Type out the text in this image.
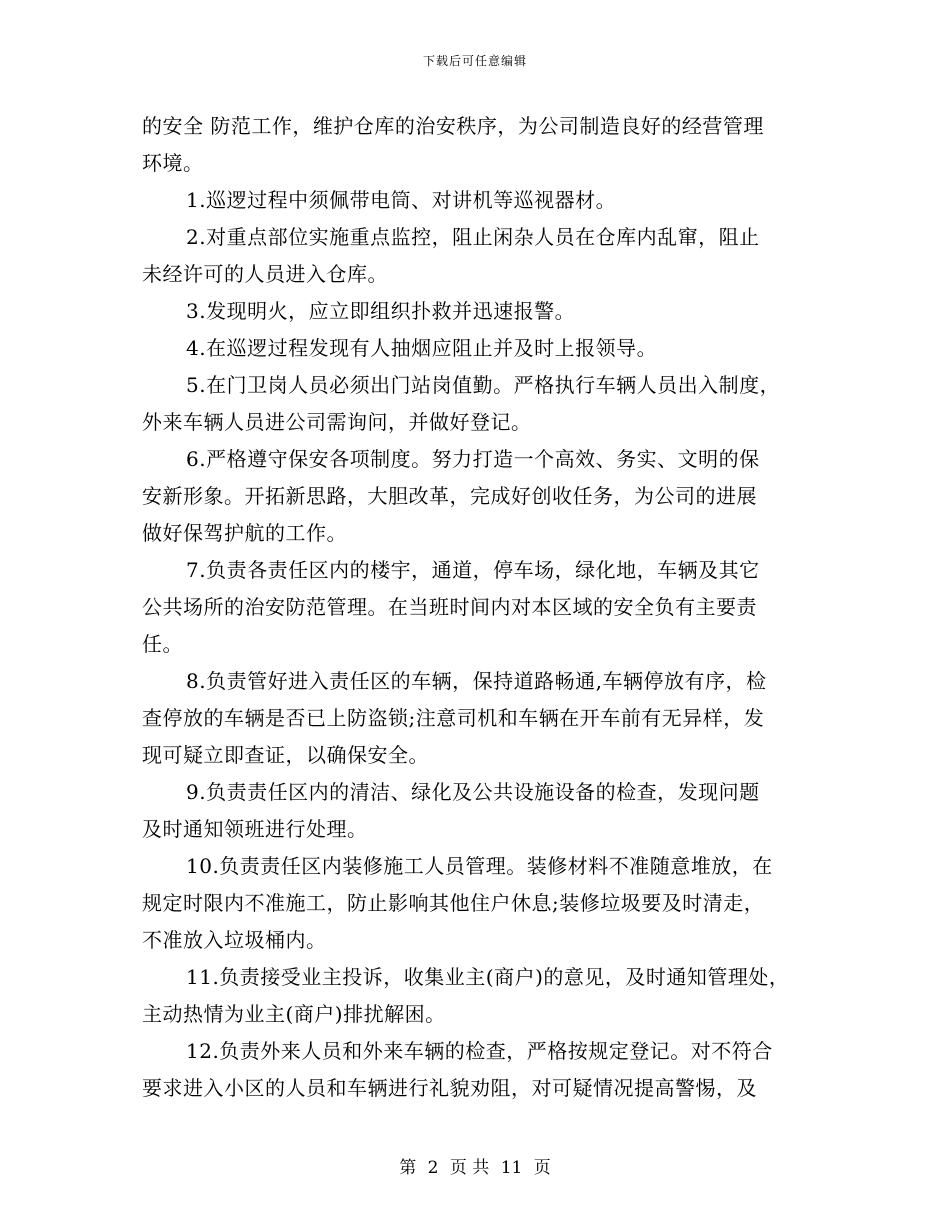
下载后可任意编辑
的安全 防范工作，维护仓库的治安秩序，为公司制造良好的经营管理
环境。
1.巡逻过程中须佩带电筒、对讲机等巡视器材。
2.对重点部位实施重点监控，阻止闲杂人员在仓库内乱窜，阻止
未经许可的人员进入仓库。
3.发现明火，应立即组织扑救并迅速报警。
4.在巡逻过程发现有人抽烟应阻止并及时上报领导。
5.在门卫岗人员必须出门站岗值勤。严格执行车辆人员出入制度，
外来车辆人员进公司需询问，并做好登记。
6.严格遵守保安各项制度。努力打造一个高效、务实、文明的保
安新形象。开拓新思路，大胆改革，完成好创收任务，为公司的进展
做好保驾护航的工作。
7.负责各责任区内的楼宇，通道，停车场，绿化地，车辆及其它
公共场所的治安防范管理。在当班时间内对本区域的安全负有主要责
任。
8.负责管好进入责任区的车辆，保持道路畅通,车辆停放有序，检
查停放的车辆是否已上防盗锁;注意司机和车辆在开车前有无异样，发
现可疑立即查证，以确保安全。
9.负责责任区内的清洁、绿化及公共设施设备的检查，发现问题
及时通知领班进行处理。
10.负责责任区内装修施工人员管理。装修材料不准随意堆放，在
规定时限内不准施工，防止影响其他住户休息;装修垃圾要及时清走，
不准放入垃圾桶内。
11.负责接受业主投诉，收集业主(商户)的意见，及时通知管理处，
主动热情为业主(商户)排扰解困。
12.负责外来人员和外来车辆的检查，严格按规定登记。对不符合
要求进入小区的人员和车辆进行礼貌劝阻，对可疑情况提高警惕，及
第 2 页 共 11 页
